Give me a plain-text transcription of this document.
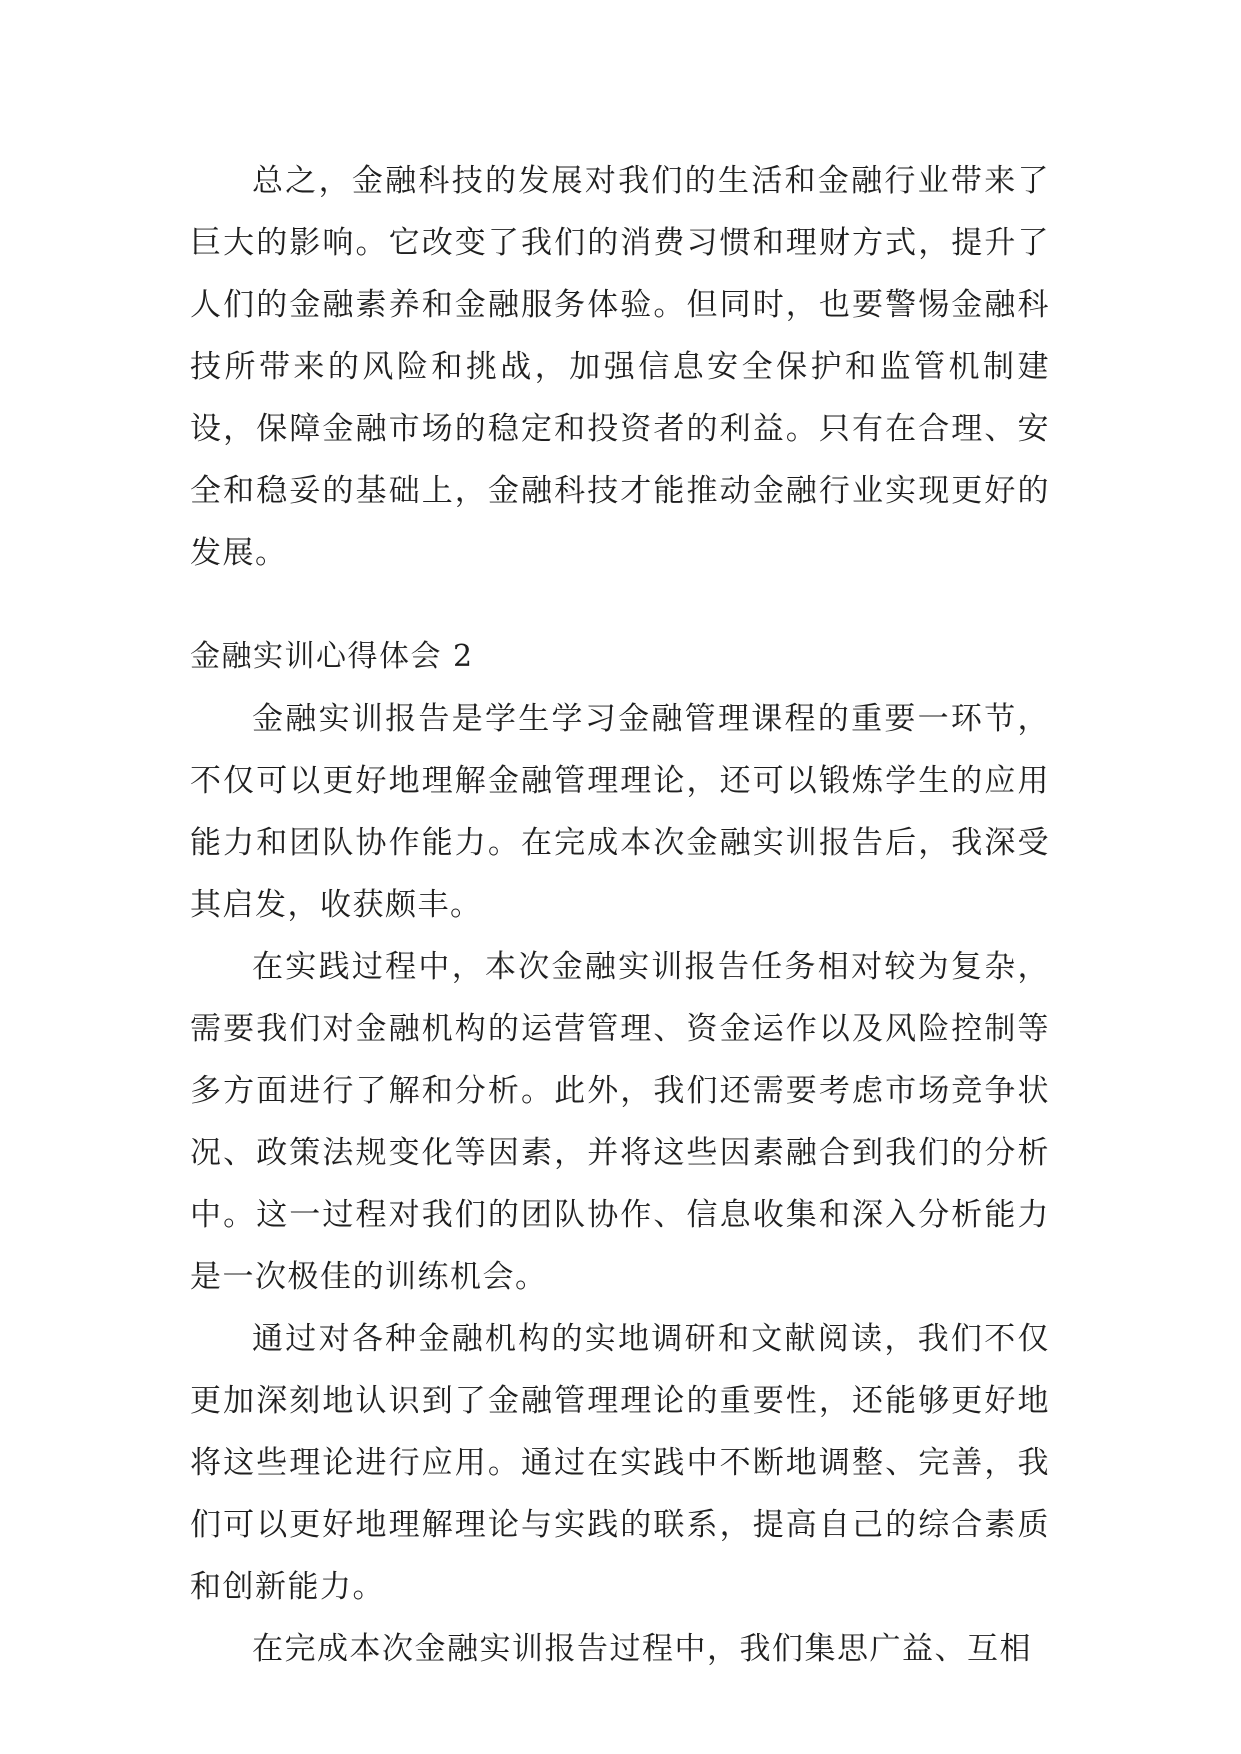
总之，金融科技的发展对我们的生活和金融行业带来了巨大的影响。它改变了我们的消费习惯和理财方式，提升了人们的金融素养和金融服务体验。但同时，也要警惕金融科技所带来的风险和挑战，加强信息安全保护和监管机制建设，保障金融市场的稳定和投资者的利益。只有在合理、安全和稳妥的基础上，金融科技才能推动金融行业实现更好的发展。

金融实训心得体会 2

金融实训报告是学生学习金融管理课程的重要一环节，不仅可以更好地理解金融管理理论，还可以锻炼学生的应用能力和团队协作能力。在完成本次金融实训报告后，我深受其启发，收获颇丰。

在实践过程中，本次金融实训报告任务相对较为复杂，需要我们对金融机构的运营管理、资金运作以及风险控制等多方面进行了解和分析。此外，我们还需要考虑市场竞争状况、政策法规变化等因素，并将这些因素融合到我们的分析中。这一过程对我们的团队协作、信息收集和深入分析能力是一次极佳的训练机会。

通过对各种金融机构的实地调研和文献阅读，我们不仅更加深刻地认识到了金融管理理论的重要性，还能够更好地将这些理论进行应用。通过在实践中不断地调整、完善，我们可以更好地理解理论与实践的联系，提高自己的综合素质和创新能力。

在完成本次金融实训报告过程中，我们集思广益、互相
